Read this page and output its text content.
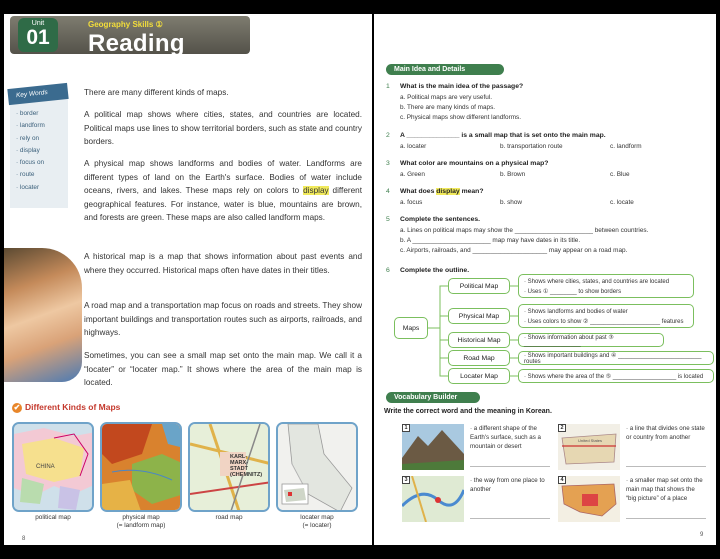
Unit
01
Geography Skills ①
Reading Maps
Key Words
· border
· landform
· rely on
· display
· focus on
· route
· locater

There are many different kinds of maps.

A political map shows where cities, states, and countries are located. Political maps use lines to show territorial borders, such as state and country borders.

A physical map shows landforms and bodies of water. Landforms are different types of land on the Earth's surface. Bodies of water include oceans, rivers, and lakes. These maps rely on colors to display different geographical features. For instance, water is blue, mountains are brown, and forests are green. These maps are also called landform maps.

A historical map is a map that shows information about past events and where they occurred. Historical maps often have dates in their titles.

A road map and a transportation map focus on roads and streets. They show important buildings and transportation routes such as airports, railroads, and highways.

Sometimes, you can see a small map set onto the main map. We call it a “locater” or “locater map.” It shows where the area of the main map is located.

✔ Different Kinds of Maps
CHINA
KARL-MARX-STADT (CHEMNITZ)
political map	physical map
(= landform map)
road map	locater map
(= locater)
8
Main Idea and Details
1 What is the main idea of the passage?
a. Political maps are very useful.
b. There are many kinds of maps.
c. Physical maps show different landforms.
2 A ______________ is a small map that is set onto the main map.
a. locater	b. transportation route	c. landform
3 What color are mountains on a physical map?
a. Green	b. Brown	c. Blue
4 What does display mean?
a. focus	b. show	c. locate
5 Complete the sentences.
a. Lines on political maps may show the ______________________ between countries.
b. A ______________________ map may have dates in its title.
c. Airports, railroads, and _____________________ may appear on a road map.
6 Complete the outline.
Maps
Political Map
· Shows where cities, states, and countries are located
· Uses ① ________ to show borders
Physical Map
· Shows landforms and bodies of water
· Uses colors to show ② _____________________ features
Historical Map	· Shows information about past ③ _________________
Road Map	· Shows important buildings and ④ _________________________ routes
Locater Map	· Shows where the area of the ⑤ ___________________ is located
Vocabulary Builder
Write the correct word and the meaning in Korean.
1	· a different shape of the Earth's surface, such as a mountain or desert
United States
2	· a line that divides one state or country from another
3	· the way from one place to another
4	· a smaller map set onto the main map that shows the “big picture” of a place
9
